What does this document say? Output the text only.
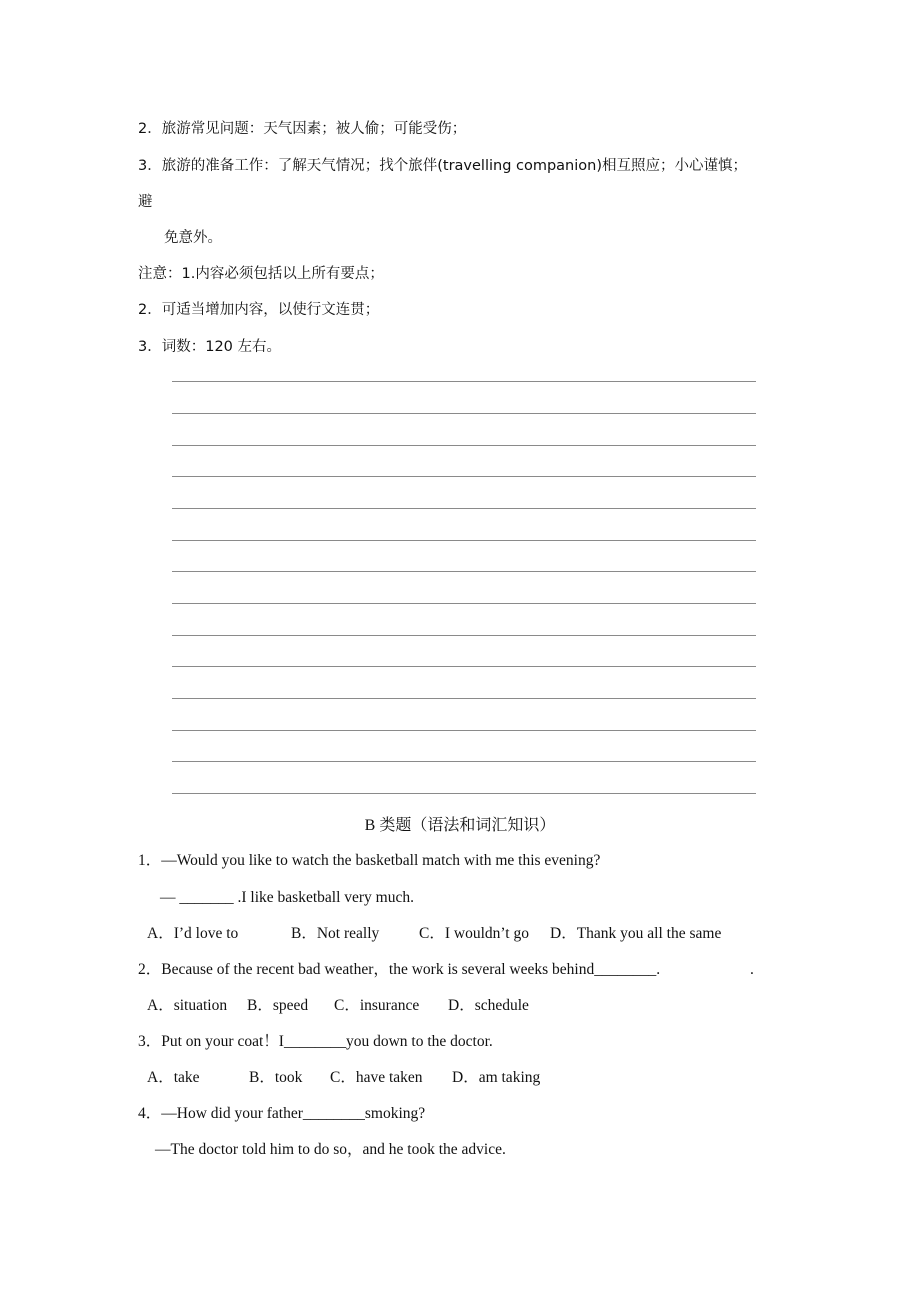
2．旅游常见问题：天气因素；被人偷；可能受伤；
3．旅游的准备工作：了解天气情况；找个旅伴(travelling companion)相互照应；小心谨慎；
避
免意外。
注意：1.内容必须包括以上所有要点；
2．可适当增加内容，以使行文连贯；
3．词数：120 左右。
B 类题（语法和词汇知识）
1．—Would you like to watch the basketball match with me this evening?
— _______ .I like basketball very much.
A．I’d love to	B．Not really	C．I wouldn’t go D．Thank you all the same
2．Because of the recent bad weather，the work is several weeks behind________.	.
A．situation B．speed C．insurance D．schedule
3．Put on your coat！I________you down to the doctor.
A．take	B．took C．have taken D．am taking
4．—How did your father________smoking?
—The doctor told him to do so，and he took the advice.
